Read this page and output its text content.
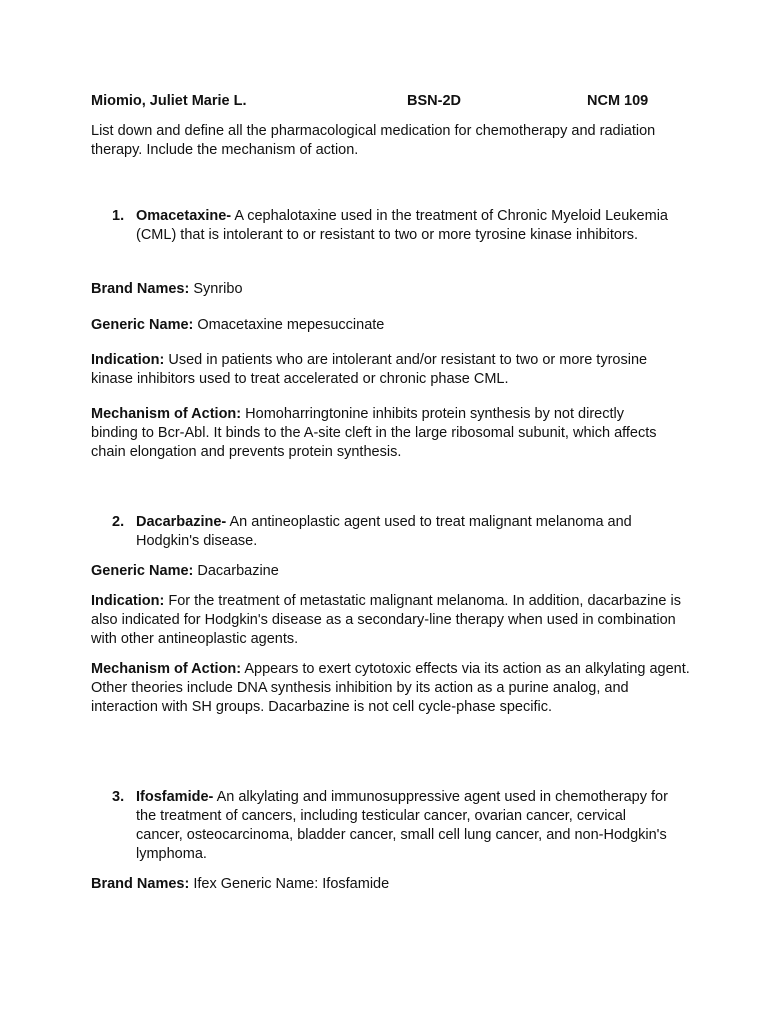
Miomio, Juliet Marie L.	BSN-2D	NCM 109
List down and define all the pharmacological medication for chemotherapy and radiation therapy. Include the mechanism of action.
1. Omacetaxine- A cephalotaxine used in the treatment of Chronic Myeloid Leukemia (CML) that is intolerant to or resistant to two or more tyrosine kinase inhibitors.
Brand Names: Synribo
Generic Name: Omacetaxine mepesuccinate
Indication: Used in patients who are intolerant and/or resistant to two or more tyrosine kinase inhibitors used to treat accelerated or chronic phase CML.
Mechanism of Action: Homoharringtonine inhibits protein synthesis by not directly binding to Bcr-Abl. It binds to the A-site cleft in the large ribosomal subunit, which affects chain elongation and prevents protein synthesis.
2. Dacarbazine- An antineoplastic agent used to treat malignant melanoma and Hodgkin's disease.
Generic Name: Dacarbazine
Indication: For the treatment of metastatic malignant melanoma. In addition, dacarbazine is also indicated for Hodgkin's disease as a secondary-line therapy when used in combination with other antineoplastic agents.
Mechanism of Action: Appears to exert cytotoxic effects via its action as an alkylating agent. Other theories include DNA synthesis inhibition by its action as a purine analog, and interaction with SH groups. Dacarbazine is not cell cycle-phase specific.
3. Ifosfamide- An alkylating and immunosuppressive agent used in chemotherapy for the treatment of cancers, including testicular cancer, ovarian cancer, cervical cancer, osteocarcinoma, bladder cancer, small cell lung cancer, and non-Hodgkin's lymphoma.
Brand Names: Ifex Generic Name: Ifosfamide
